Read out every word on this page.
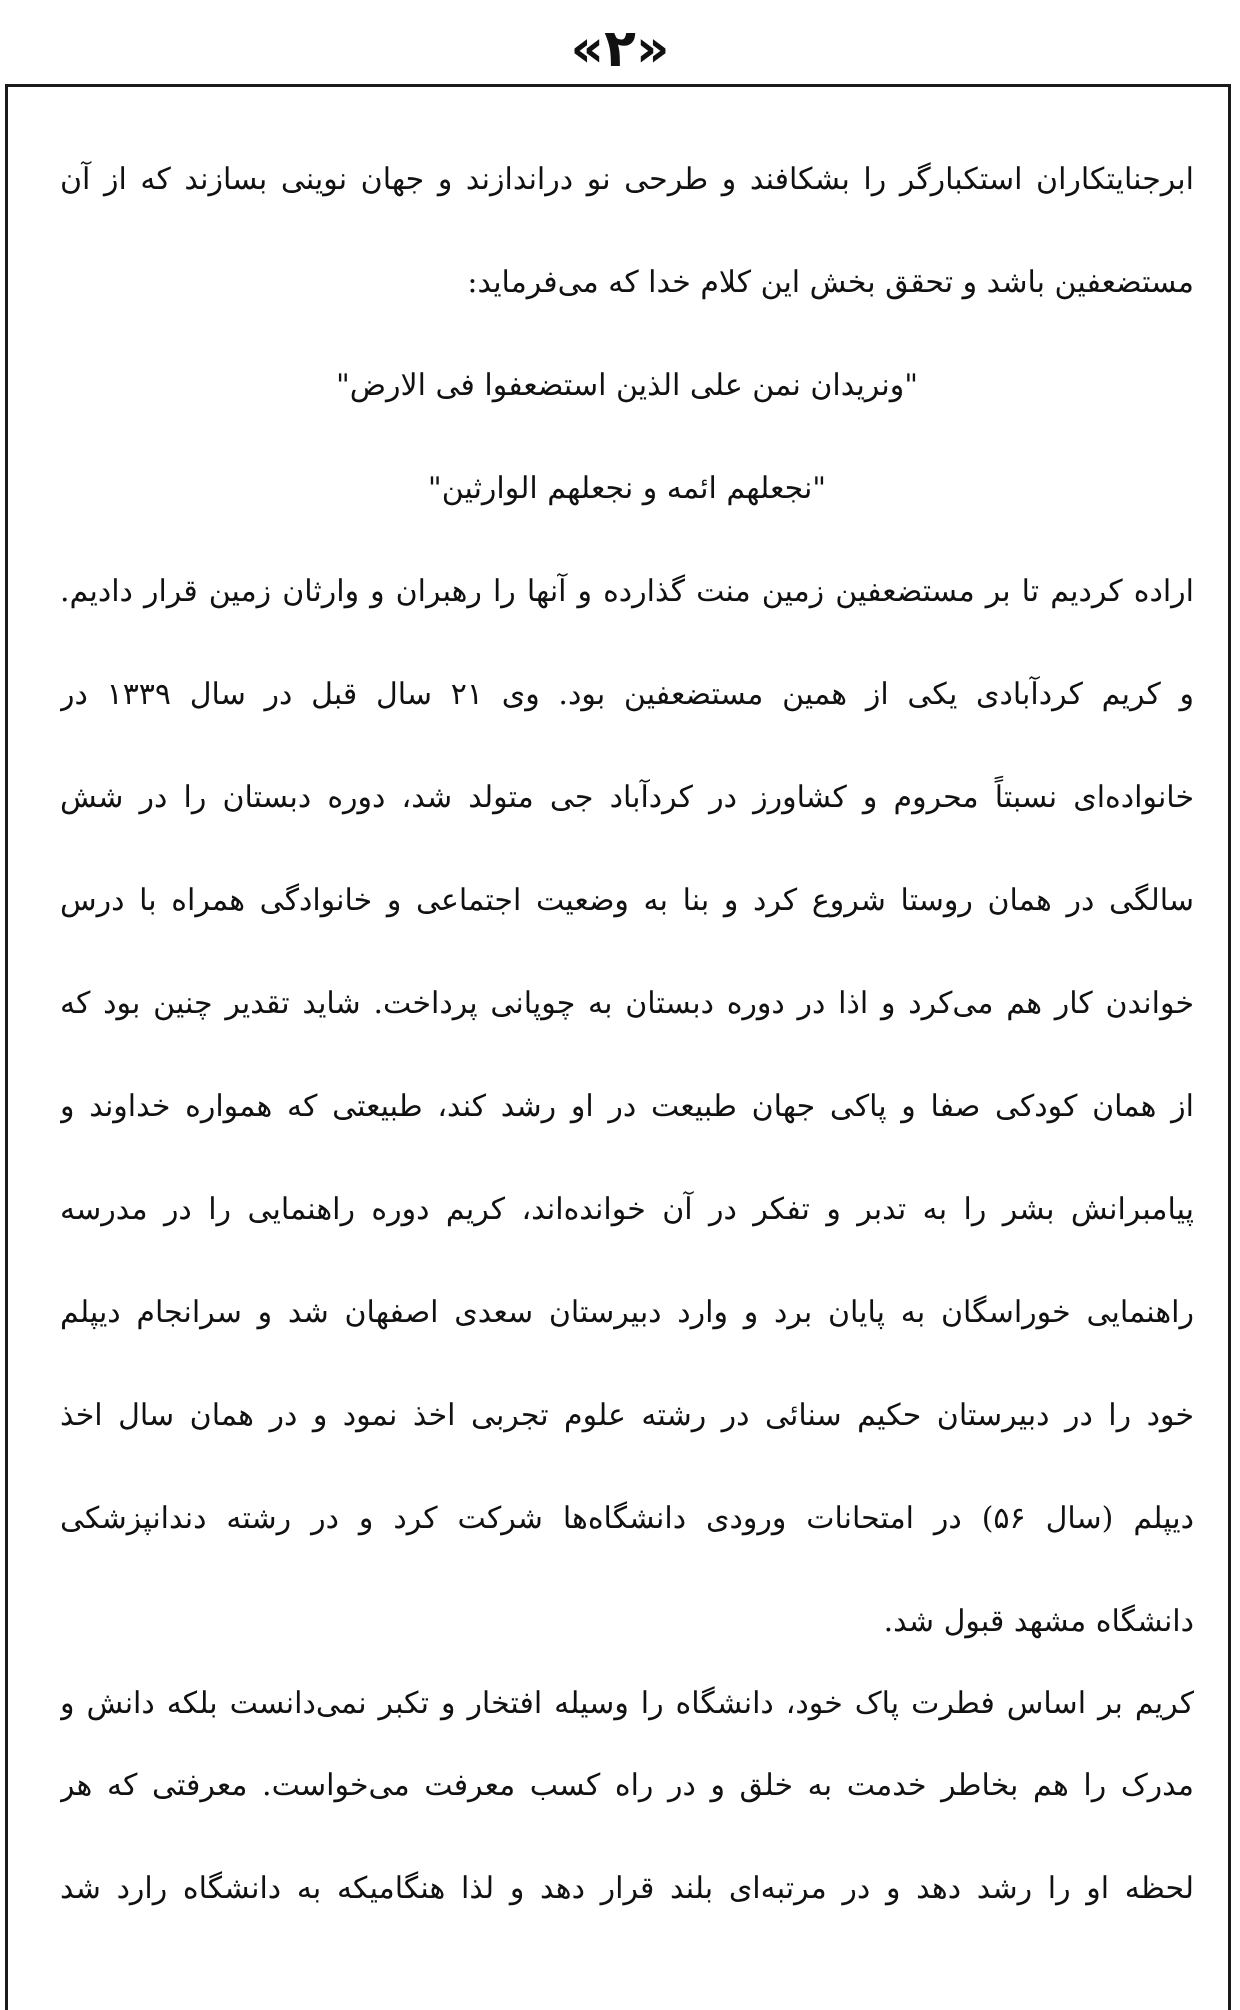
«۲»
ابرجنایتکاران استکبارگر را بشکافند و طرحی نو دراندازند و جهان نوینی بسازند که از آن
مستضعفین باشد و تحقق بخش این کلام خدا که می‌فرماید:
"ونریدان نمن علی الذین استضعفوا فی الارض"
"نجعلهم ائمه و نجعلهم الوارثین"
اراده کردیم تا بر مستضعفین زمین منت گذارده و آنها را رهبران و وارثان زمین قرار دادیم.
و کریم کردآبادی یکی از همین مستضعفین بود. وی ۲۱ سال قبل در سال ۱۳۳۹ در
خانواده‌ای نسبتاً محروم و کشاورز در کردآباد جی متولد شد، دوره دبستان را در شش
سالگی در همان روستا شروع کرد و بنا به وضعیت اجتماعی و خانوادگی همراه با درس
خواندن کار هم می‌کرد و اذا در دوره دبستان به چوپانی پرداخت. شاید تقدیر چنین بود که
از همان کودکی صفا و پاکی جهان طبیعت در او رشد کند، طبیعتی که همواره خداوند و
پیامبرانش بشر را به تدبر و تفکر در آن خوانده‌اند، کریم دوره راهنمایی را در مدرسه
راهنمایی خوراسگان به پایان برد و وارد دبیرستان سعدی اصفهان شد و سرانجام دیپلم
خود را در دبیرستان حکیم سنائی در رشته علوم تجربی اخذ نمود و در همان سال اخذ
دیپلم (سال ۵۶) در امتحانات ورودی دانشگاه‌ها شرکت کرد و در رشته دندانپزشکی
دانشگاه مشهد قبول شد.
کریم بر اساس فطرت پاک خود، دانشگاه را وسیله افتخار و تکبر نمی‌دانست بلکه دانش و
مدرک را هم بخاطر خدمت به خلق و در راه کسب معرفت می‌خواست. معرفتی که هر
لحظه او را رشد دهد و در مرتبه‌ای بلند قرار دهد و لذا هنگامیکه به دانشگاه رارد شد
